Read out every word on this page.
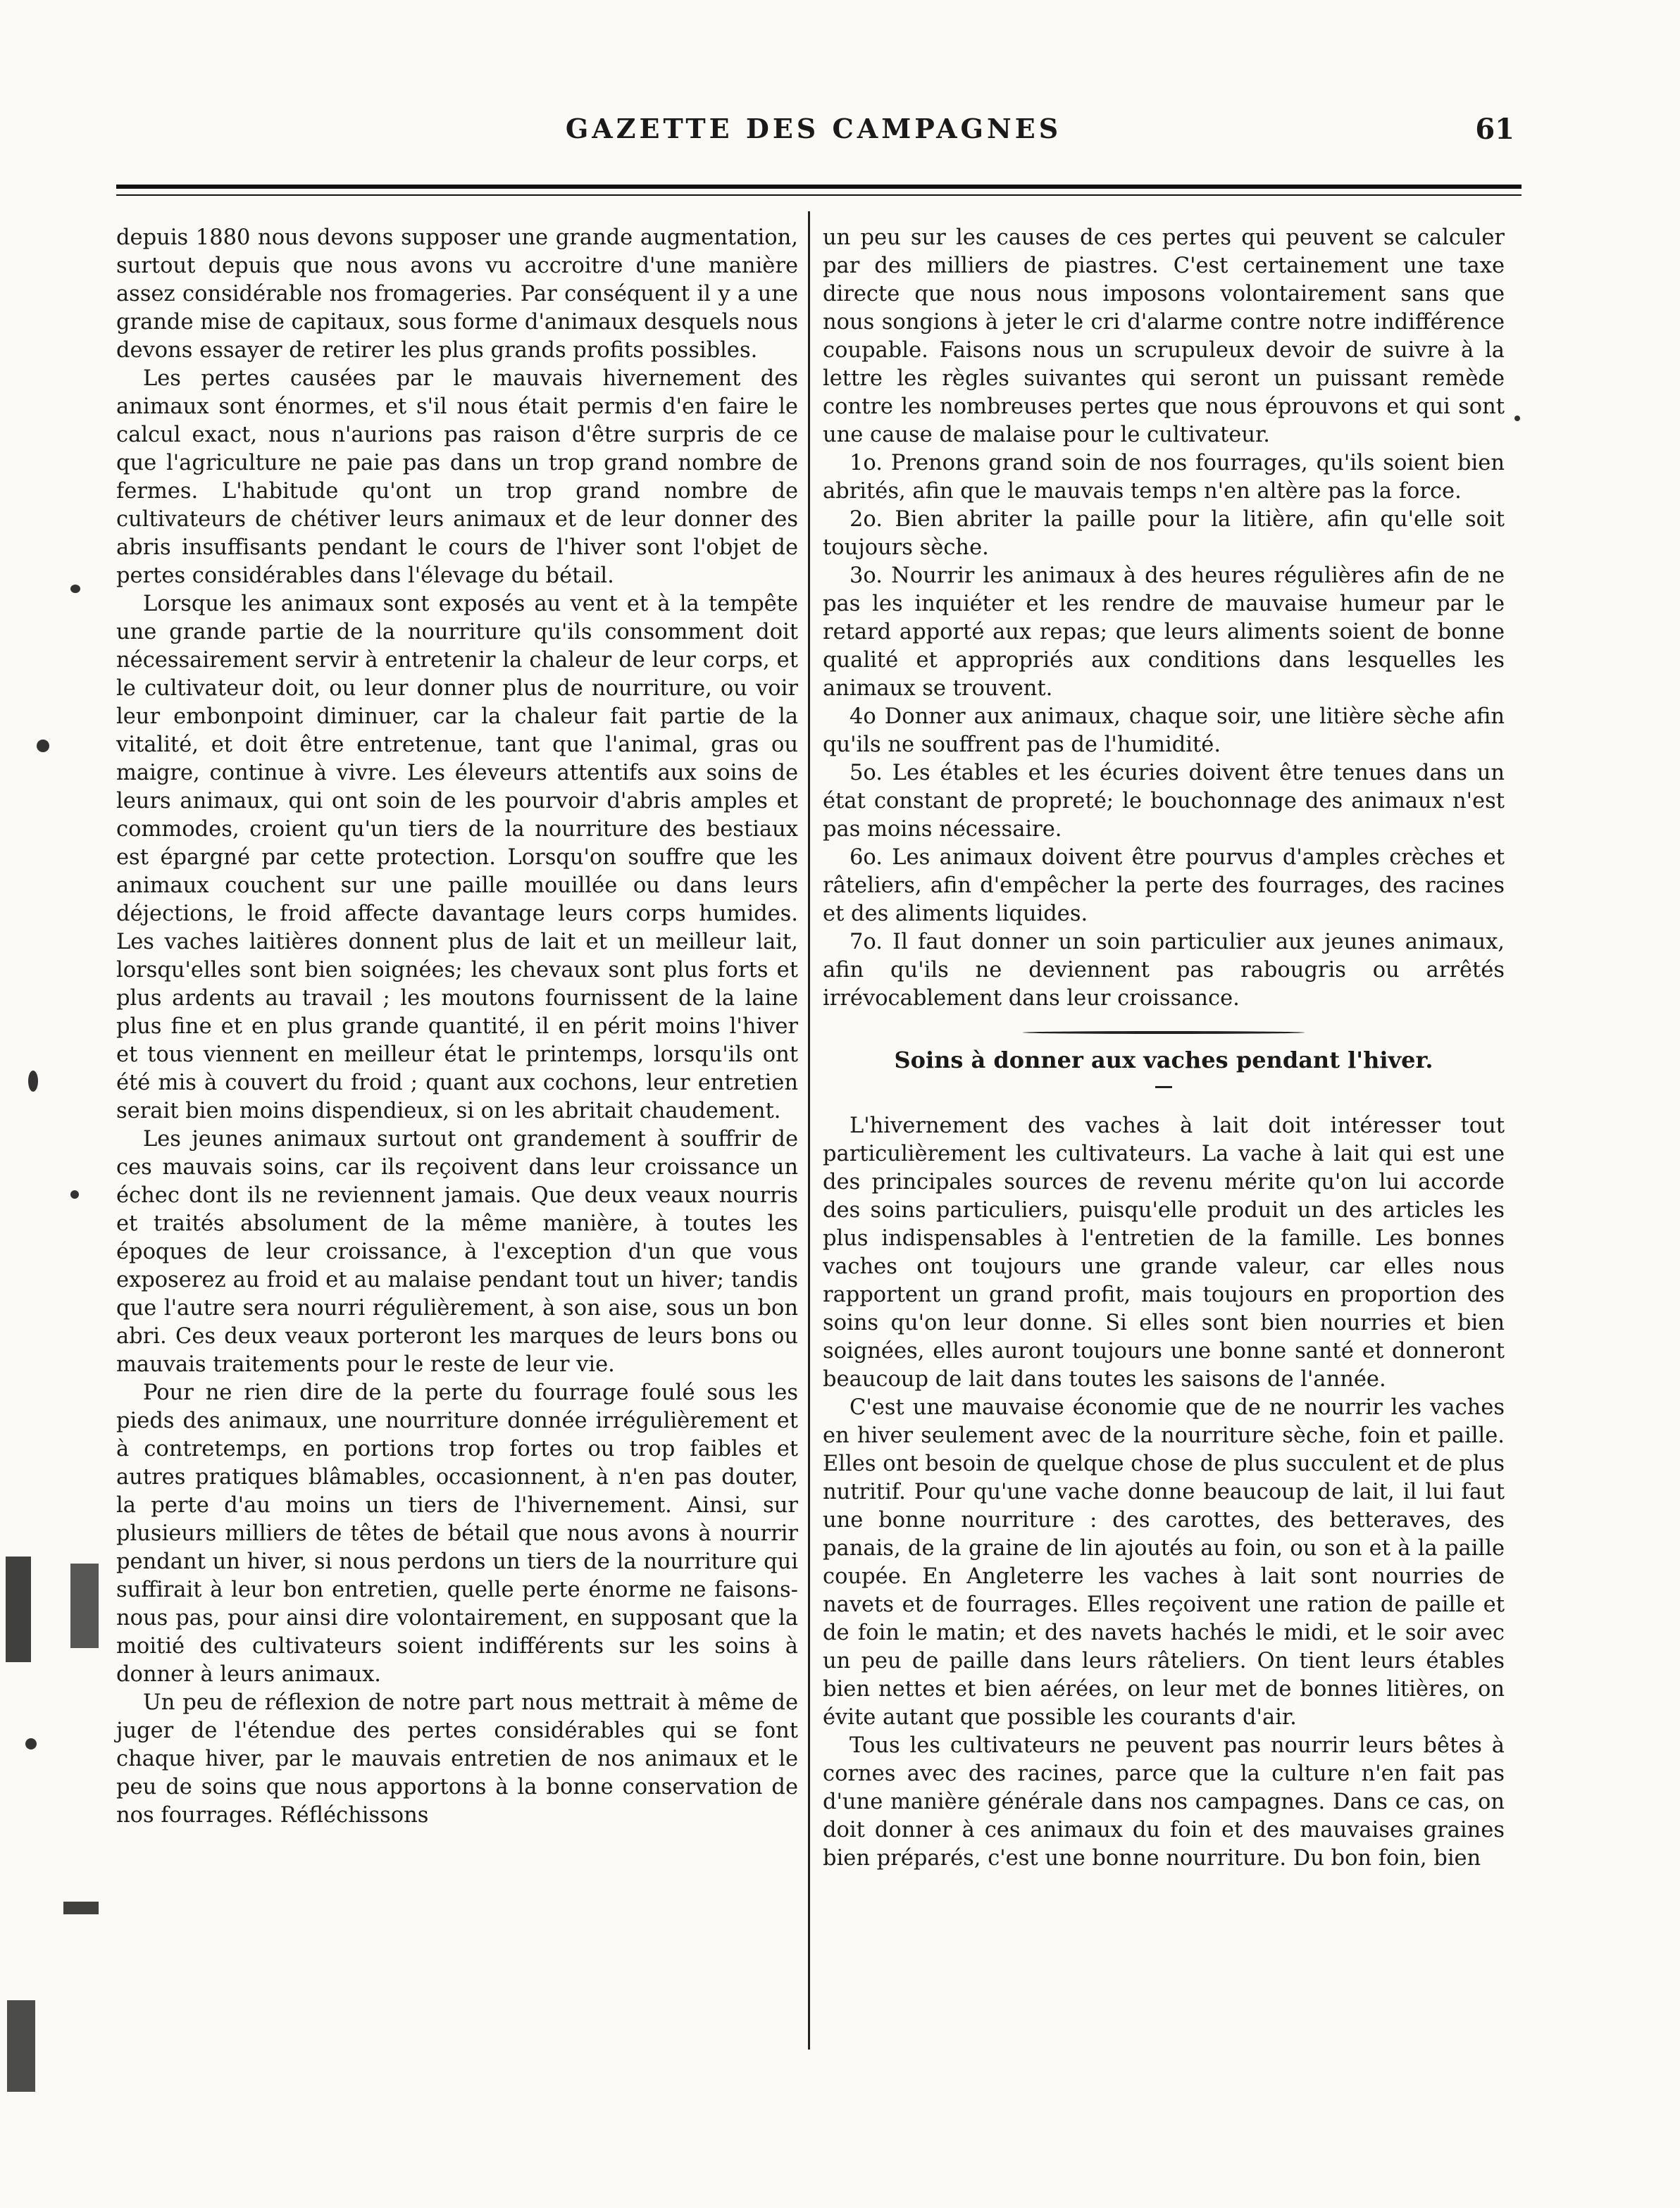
GAZETTE DES CAMPAGNES	61

depuis 1880 nous devons supposer une grande augmentation, surtout depuis que nous avons vu accroitre d'une manière assez considérable nos fromageries. Par conséquent il y a une grande mise de capitaux, sous forme d'animaux desquels nous devons essayer de retirer les plus grands profits possibles.

Les pertes causées par le mauvais hivernement des animaux sont énormes, et s'il nous était permis d'en faire le calcul exact, nous n'aurions pas raison d'être surpris de ce que l'agriculture ne paie pas dans un trop grand nombre de fermes. L'habitude qu'ont un trop grand nombre de cultivateurs de chétiver leurs animaux et de leur donner des abris insuffisants pendant le cours de l'hiver sont l'objet de pertes considérables dans l'élevage du bétail.

Lorsque les animaux sont exposés au vent et à la tempête une grande partie de la nourriture qu'ils consomment doit nécessairement servir à entretenir la chaleur de leur corps, et le cultivateur doit, ou leur donner plus de nourriture, ou voir leur embonpoint diminuer, car la chaleur fait partie de la vitalité, et doit être entretenue, tant que l'animal, gras ou maigre, continue à vivre. Les éleveurs attentifs aux soins de leurs animaux, qui ont soin de les pourvoir d'abris amples et commodes, croient qu'un tiers de la nourriture des bestiaux est épargné par cette protection. Lorsqu'on souffre que les animaux couchent sur une paille mouillée ou dans leurs déjections, le froid affecte davantage leurs corps humides. Les vaches laitières donnent plus de lait et un meilleur lait, lorsqu'elles sont bien soignées; les chevaux sont plus forts et plus ardents au travail ; les moutons fournissent de la laine plus fine et en plus grande quantité, il en périt moins l'hiver et tous viennent en meilleur état le printemps, lorsqu'ils ont été mis à couvert du froid ; quant aux cochons, leur entretien serait bien moins dispendieux, si on les abritait chaudement.

Les jeunes animaux surtout ont grandement à souffrir de ces mauvais soins, car ils reçoivent dans leur croissance un échec dont ils ne reviennent jamais. Que deux veaux nourris et traités absolument de la même manière, à toutes les époques de leur croissance, à l'exception d'un que vous exposerez au froid et au malaise pendant tout un hiver; tandis que l'autre sera nourri régulièrement, à son aise, sous un bon abri. Ces deux veaux porteront les marques de leurs bons ou mauvais traitements pour le reste de leur vie.

Pour ne rien dire de la perte du fourrage foulé sous les pieds des animaux, une nourriture donnée irrégulièrement et à contretemps, en portions trop fortes ou trop faibles et autres pratiques blâmables, occasionnent, à n'en pas douter, la perte d'au moins un tiers de l'hivernement. Ainsi, sur plusieurs milliers de têtes de bétail que nous avons à nourrir pendant un hiver, si nous perdons un tiers de la nourriture qui suffirait à leur bon entretien, quelle perte énorme ne faisons-nous pas, pour ainsi dire volontairement, en supposant que la moitié des cultivateurs soient indifférents sur les soins à donner à leurs animaux.

Un peu de réflexion de notre part nous mettrait à même de juger de l'étendue des pertes considérables qui se font chaque hiver, par le mauvais entretien de nos animaux et le peu de soins que nous apportons à la bonne conservation de nos fourrages. Réfléchissons

un peu sur les causes de ces pertes qui peuvent se calculer par des milliers de piastres. C'est certainement une taxe directe que nous nous imposons volontairement sans que nous songions à jeter le cri d'alarme contre notre indifférence coupable. Faisons nous un scrupuleux devoir de suivre à la lettre les règles suivantes qui seront un puissant remède contre les nombreuses pertes que nous éprouvons et qui sont une cause de malaise pour le cultivateur.

1o. Prenons grand soin de nos fourrages, qu'ils soient bien abrités, afin que le mauvais temps n'en altère pas la force.

2o. Bien abriter la paille pour la litière, afin qu'elle soit toujours sèche.

3o. Nourrir les animaux à des heures régulières afin de ne pas les inquiéter et les rendre de mauvaise humeur par le retard apporté aux repas; que leurs aliments soient de bonne qualité et appropriés aux conditions dans lesquelles les animaux se trouvent.

4o Donner aux animaux, chaque soir, une litière sèche afin qu'ils ne souffrent pas de l'humidité.

5o. Les étables et les écuries doivent être tenues dans un état constant de propreté; le bouchonnage des animaux n'est pas moins nécessaire.

6o. Les animaux doivent être pourvus d'amples crèches et râteliers, afin d'empêcher la perte des fourrages, des racines et des aliments liquides.

7o. Il faut donner un soin particulier aux jeunes animaux, afin qu'ils ne deviennent pas rabougris ou arrêtés irrévocablement dans leur croissance.

Soins à donner aux vaches pendant l'hiver.

L'hivernement des vaches à lait doit intéresser tout particulièrement les cultivateurs. La vache à lait qui est une des principales sources de revenu mérite qu'on lui accorde des soins particuliers, puisqu'elle produit un des articles les plus indispensables à l'entretien de la famille. Les bonnes vaches ont toujours une grande valeur, car elles nous rapportent un grand profit, mais toujours en proportion des soins qu'on leur donne. Si elles sont bien nourries et bien soignées, elles auront toujours une bonne santé et donneront beaucoup de lait dans toutes les saisons de l'année.

C'est une mauvaise économie que de ne nourrir les vaches en hiver seulement avec de la nourriture sèche, foin et paille. Elles ont besoin de quelque chose de plus succulent et de plus nutritif. Pour qu'une vache donne beaucoup de lait, il lui faut une bonne nourriture : des carottes, des betteraves, des panais, de la graine de lin ajoutés au foin, ou son et à la paille coupée. En Angleterre les vaches à lait sont nourries de navets et de fourrages. Elles reçoivent une ration de paille et de foin le matin; et des navets hachés le midi, et le soir avec un peu de paille dans leurs râteliers. On tient leurs étables bien nettes et bien aérées, on leur met de bonnes litières, on évite autant que possible les courants d'air.

Tous les cultivateurs ne peuvent pas nourrir leurs bêtes à cornes avec des racines, parce que la culture n'en fait pas d'une manière générale dans nos campagnes. Dans ce cas, on doit donner à ces animaux du foin et des mauvaises graines bien préparés, c'est une bonne nourriture. Du bon foin, bien
